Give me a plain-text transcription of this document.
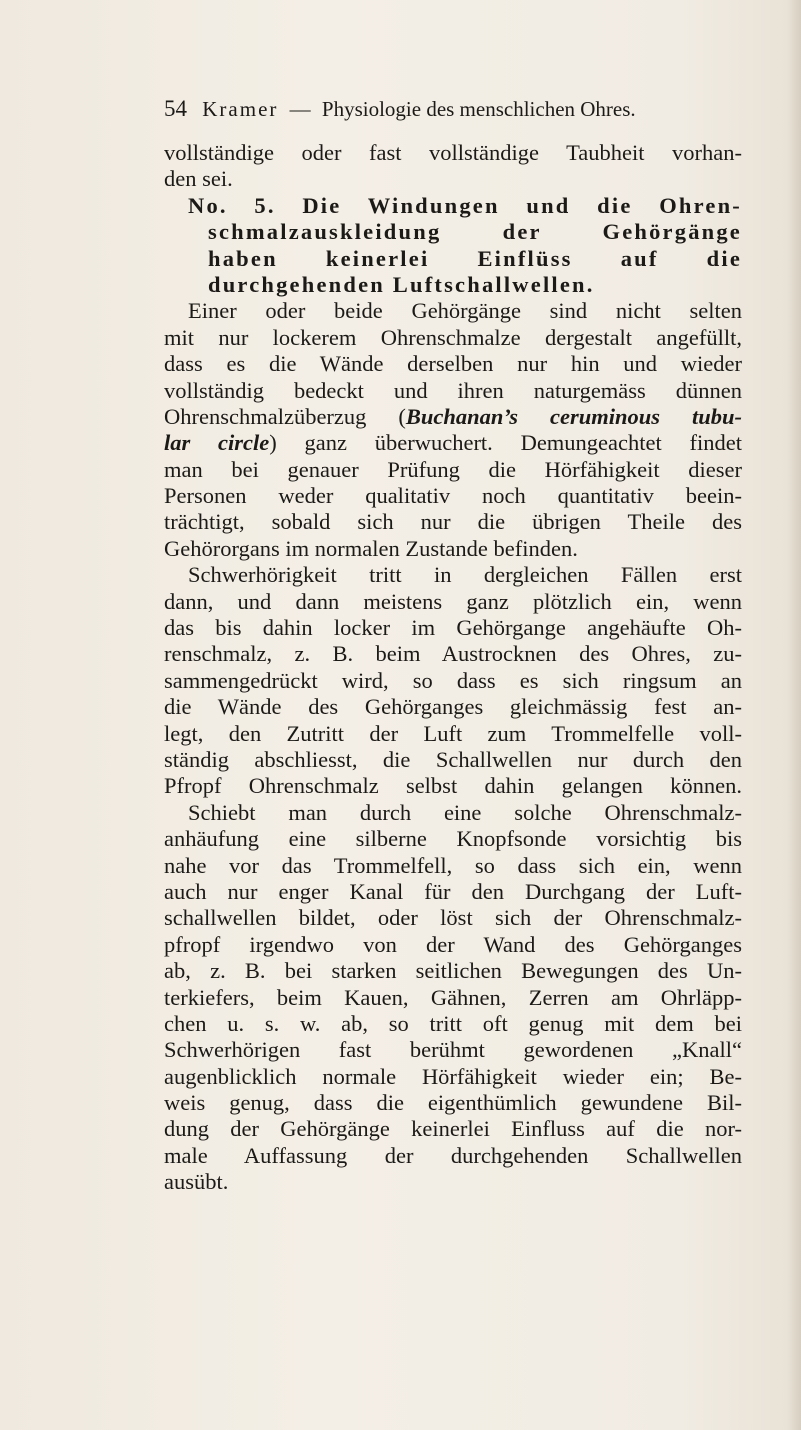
54 Kramer — Physiologie des menschlichen Ohres.
vollständige oder fast vollständige Taubheit vorhan-
den sei.
No. 5. Die Windungen und die Ohren-
schmalzauskleidung der Gehörgänge
haben keinerlei Einflüss auf die
durchgehenden Luftschallwellen.
Einer oder beide Gehörgänge sind nicht selten
mit nur lockerem Ohrenschmalze dergestalt angefüllt,
dass es die Wände derselben nur hin und wieder
vollständig bedeckt und ihren naturgemäss dünnen
Ohrenschmalzüberzug (Buchanan’s ceruminous tubu-
lar circle) ganz überwuchert. Demungeachtet findet
man bei genauer Prüfung die Hörfähigkeit dieser
Personen weder qualitativ noch quantitativ beein-
trächtigt, sobald sich nur die übrigen Theile des
Gehörorgans im normalen Zustande befinden.
Schwerhörigkeit tritt in dergleichen Fällen erst
dann, und dann meistens ganz plötzlich ein, wenn
das bis dahin locker im Gehörgange angehäufte Oh-
renschmalz, z. B. beim Austrocknen des Ohres, zu-
sammengedrückt wird, so dass es sich ringsum an
die Wände des Gehörganges gleichmässig fest an-
legt, den Zutritt der Luft zum Trommelfelle voll-
ständig abschliesst, die Schallwellen nur durch den
Pfropf Ohrenschmalz selbst dahin gelangen können.
Schiebt man durch eine solche Ohrenschmalz-
anhäufung eine silberne Knopfsonde vorsichtig bis
nahe vor das Trommelfell, so dass sich ein, wenn
auch nur enger Kanal für den Durchgang der Luft-
schallwellen bildet, oder löst sich der Ohrenschmalz-
pfropf irgendwo von der Wand des Gehörganges
ab, z. B. bei starken seitlichen Bewegungen des Un-
terkiefers, beim Kauen, Gähnen, Zerren am Ohrläpp-
chen u. s. w. ab, so tritt oft genug mit dem bei
Schwerhörigen fast berühmt gewordenen „Knall“
augenblicklich normale Hörfähigkeit wieder ein; Be-
weis genug, dass die eigenthümlich gewundene Bil-
dung der Gehörgänge keinerlei Einfluss auf die nor-
male Auffassung der durchgehenden Schallwellen
ausübt.
